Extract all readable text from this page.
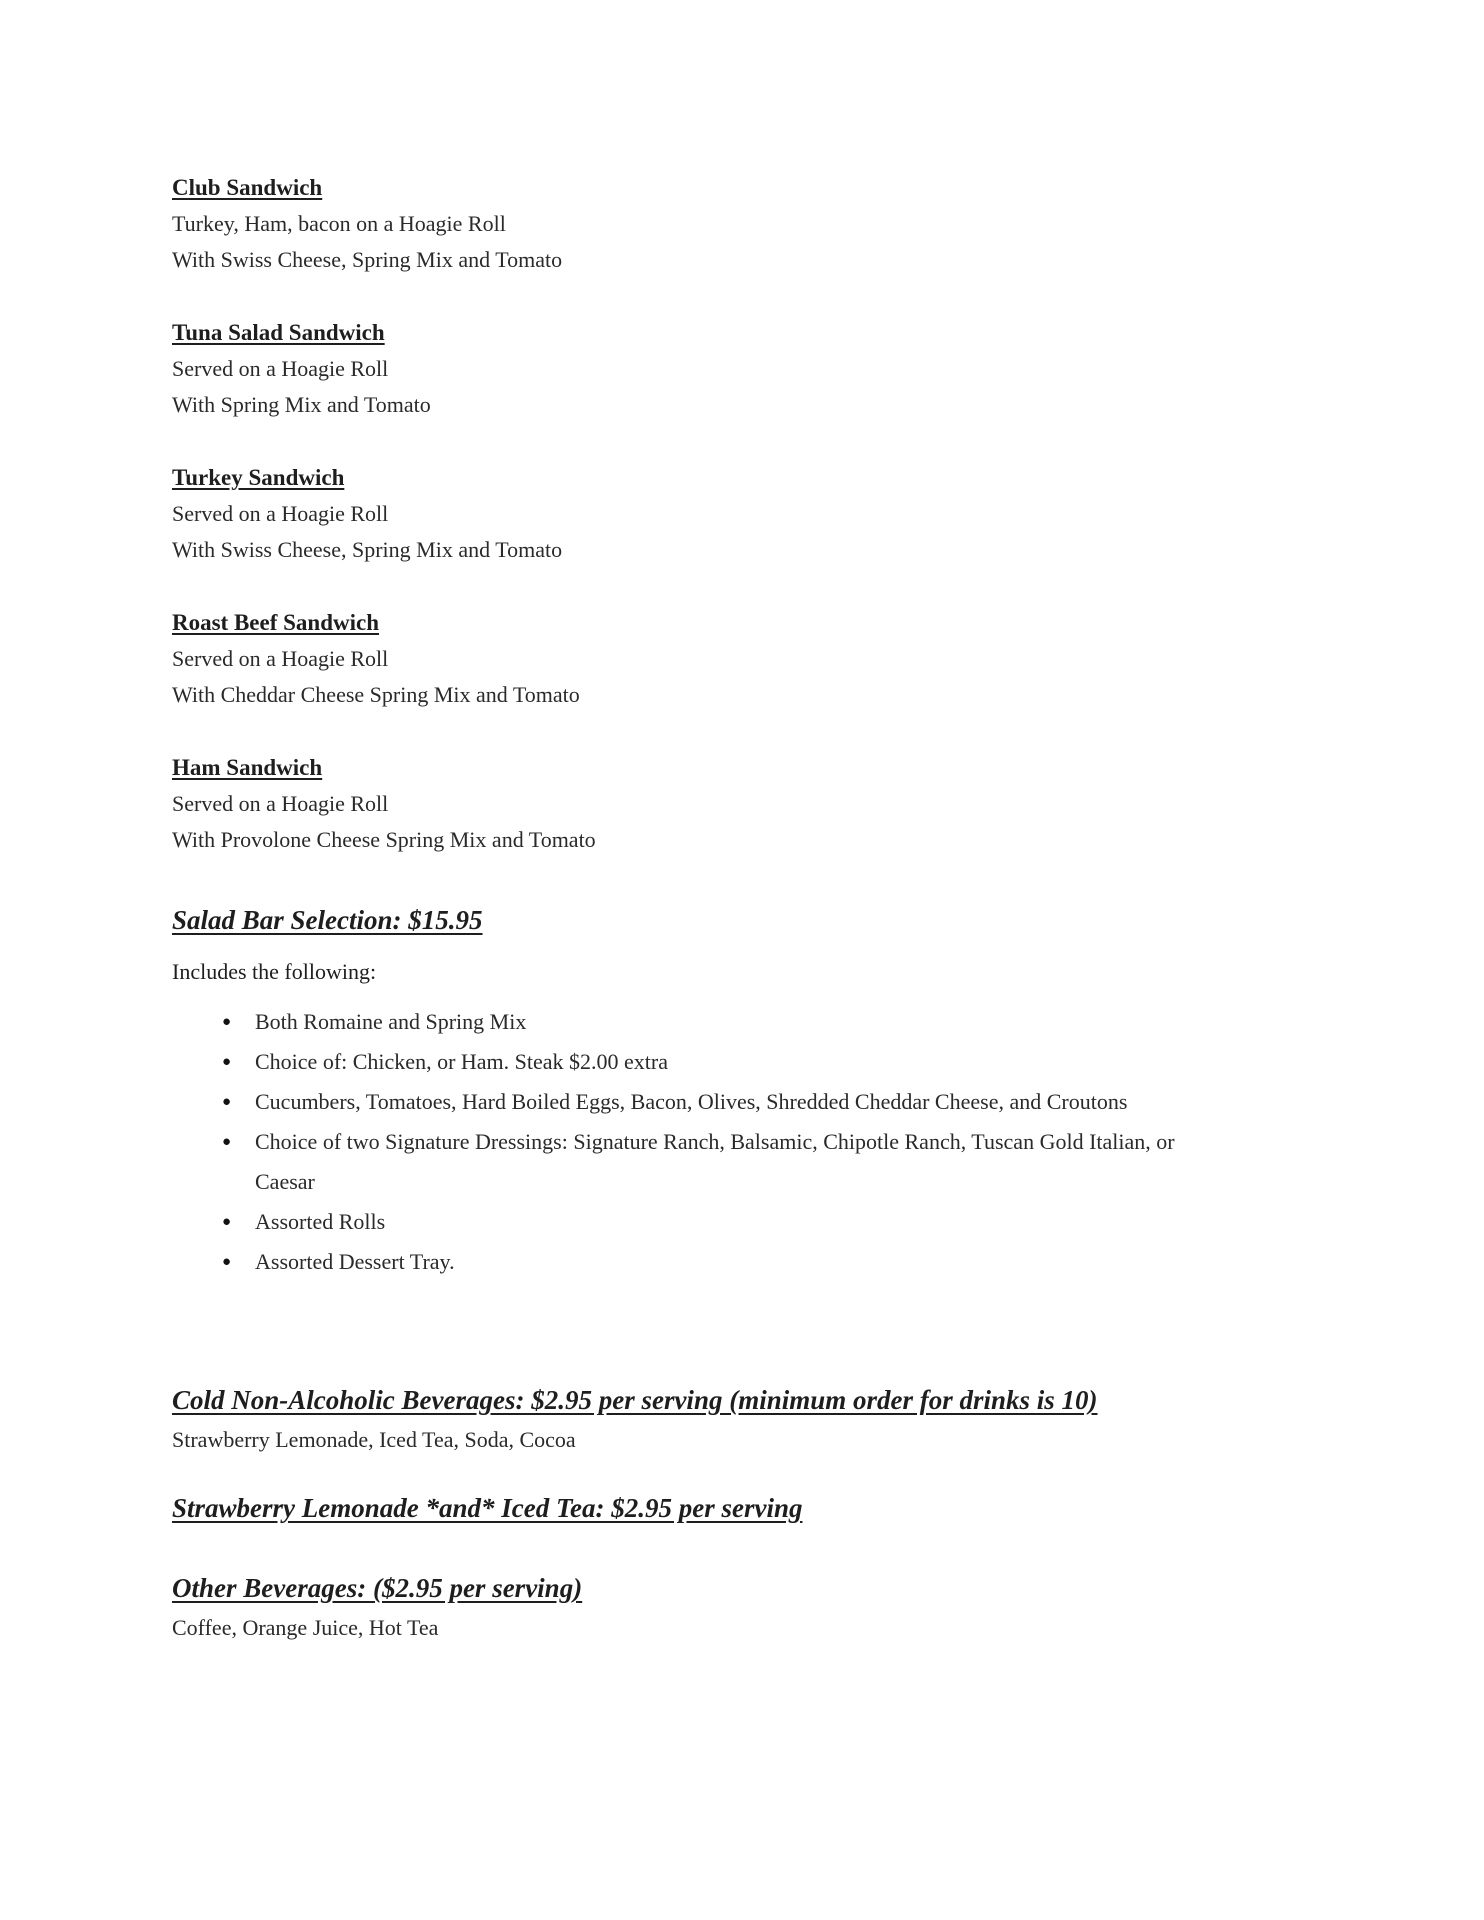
Club Sandwich
Turkey, Ham, bacon on a Hoagie Roll
With Swiss Cheese, Spring Mix and Tomato
Tuna Salad Sandwich
Served on a Hoagie Roll
With Spring Mix and Tomato
Turkey Sandwich
Served on a Hoagie Roll
With Swiss Cheese, Spring Mix and Tomato
Roast Beef Sandwich
Served on a Hoagie Roll
With Cheddar Cheese Spring Mix and Tomato
Ham Sandwich
Served on a Hoagie Roll
With Provolone Cheese Spring Mix and Tomato
Salad Bar Selection: $15.95
Includes the following:
●	Both Romaine and Spring Mix
●	Choice of: Chicken, or Ham. Steak $2.00 extra
●	Cucumbers, Tomatoes, Hard Boiled Eggs, Bacon, Olives, Shredded Cheddar Cheese, and Croutons
●	Choice of two Signature Dressings: Signature Ranch, Balsamic, Chipotle Ranch, Tuscan Gold Italian, or Caesar
●	Assorted Rolls
●	Assorted Dessert Tray.
Cold Non-Alcoholic Beverages: $2.95 per serving (minimum order for drinks is 10)
Strawberry Lemonade, Iced Tea, Soda, Cocoa
Strawberry Lemonade *and* Iced Tea: $2.95 per serving
Other Beverages: ($2.95 per serving)
Coffee, Orange Juice, Hot Tea
